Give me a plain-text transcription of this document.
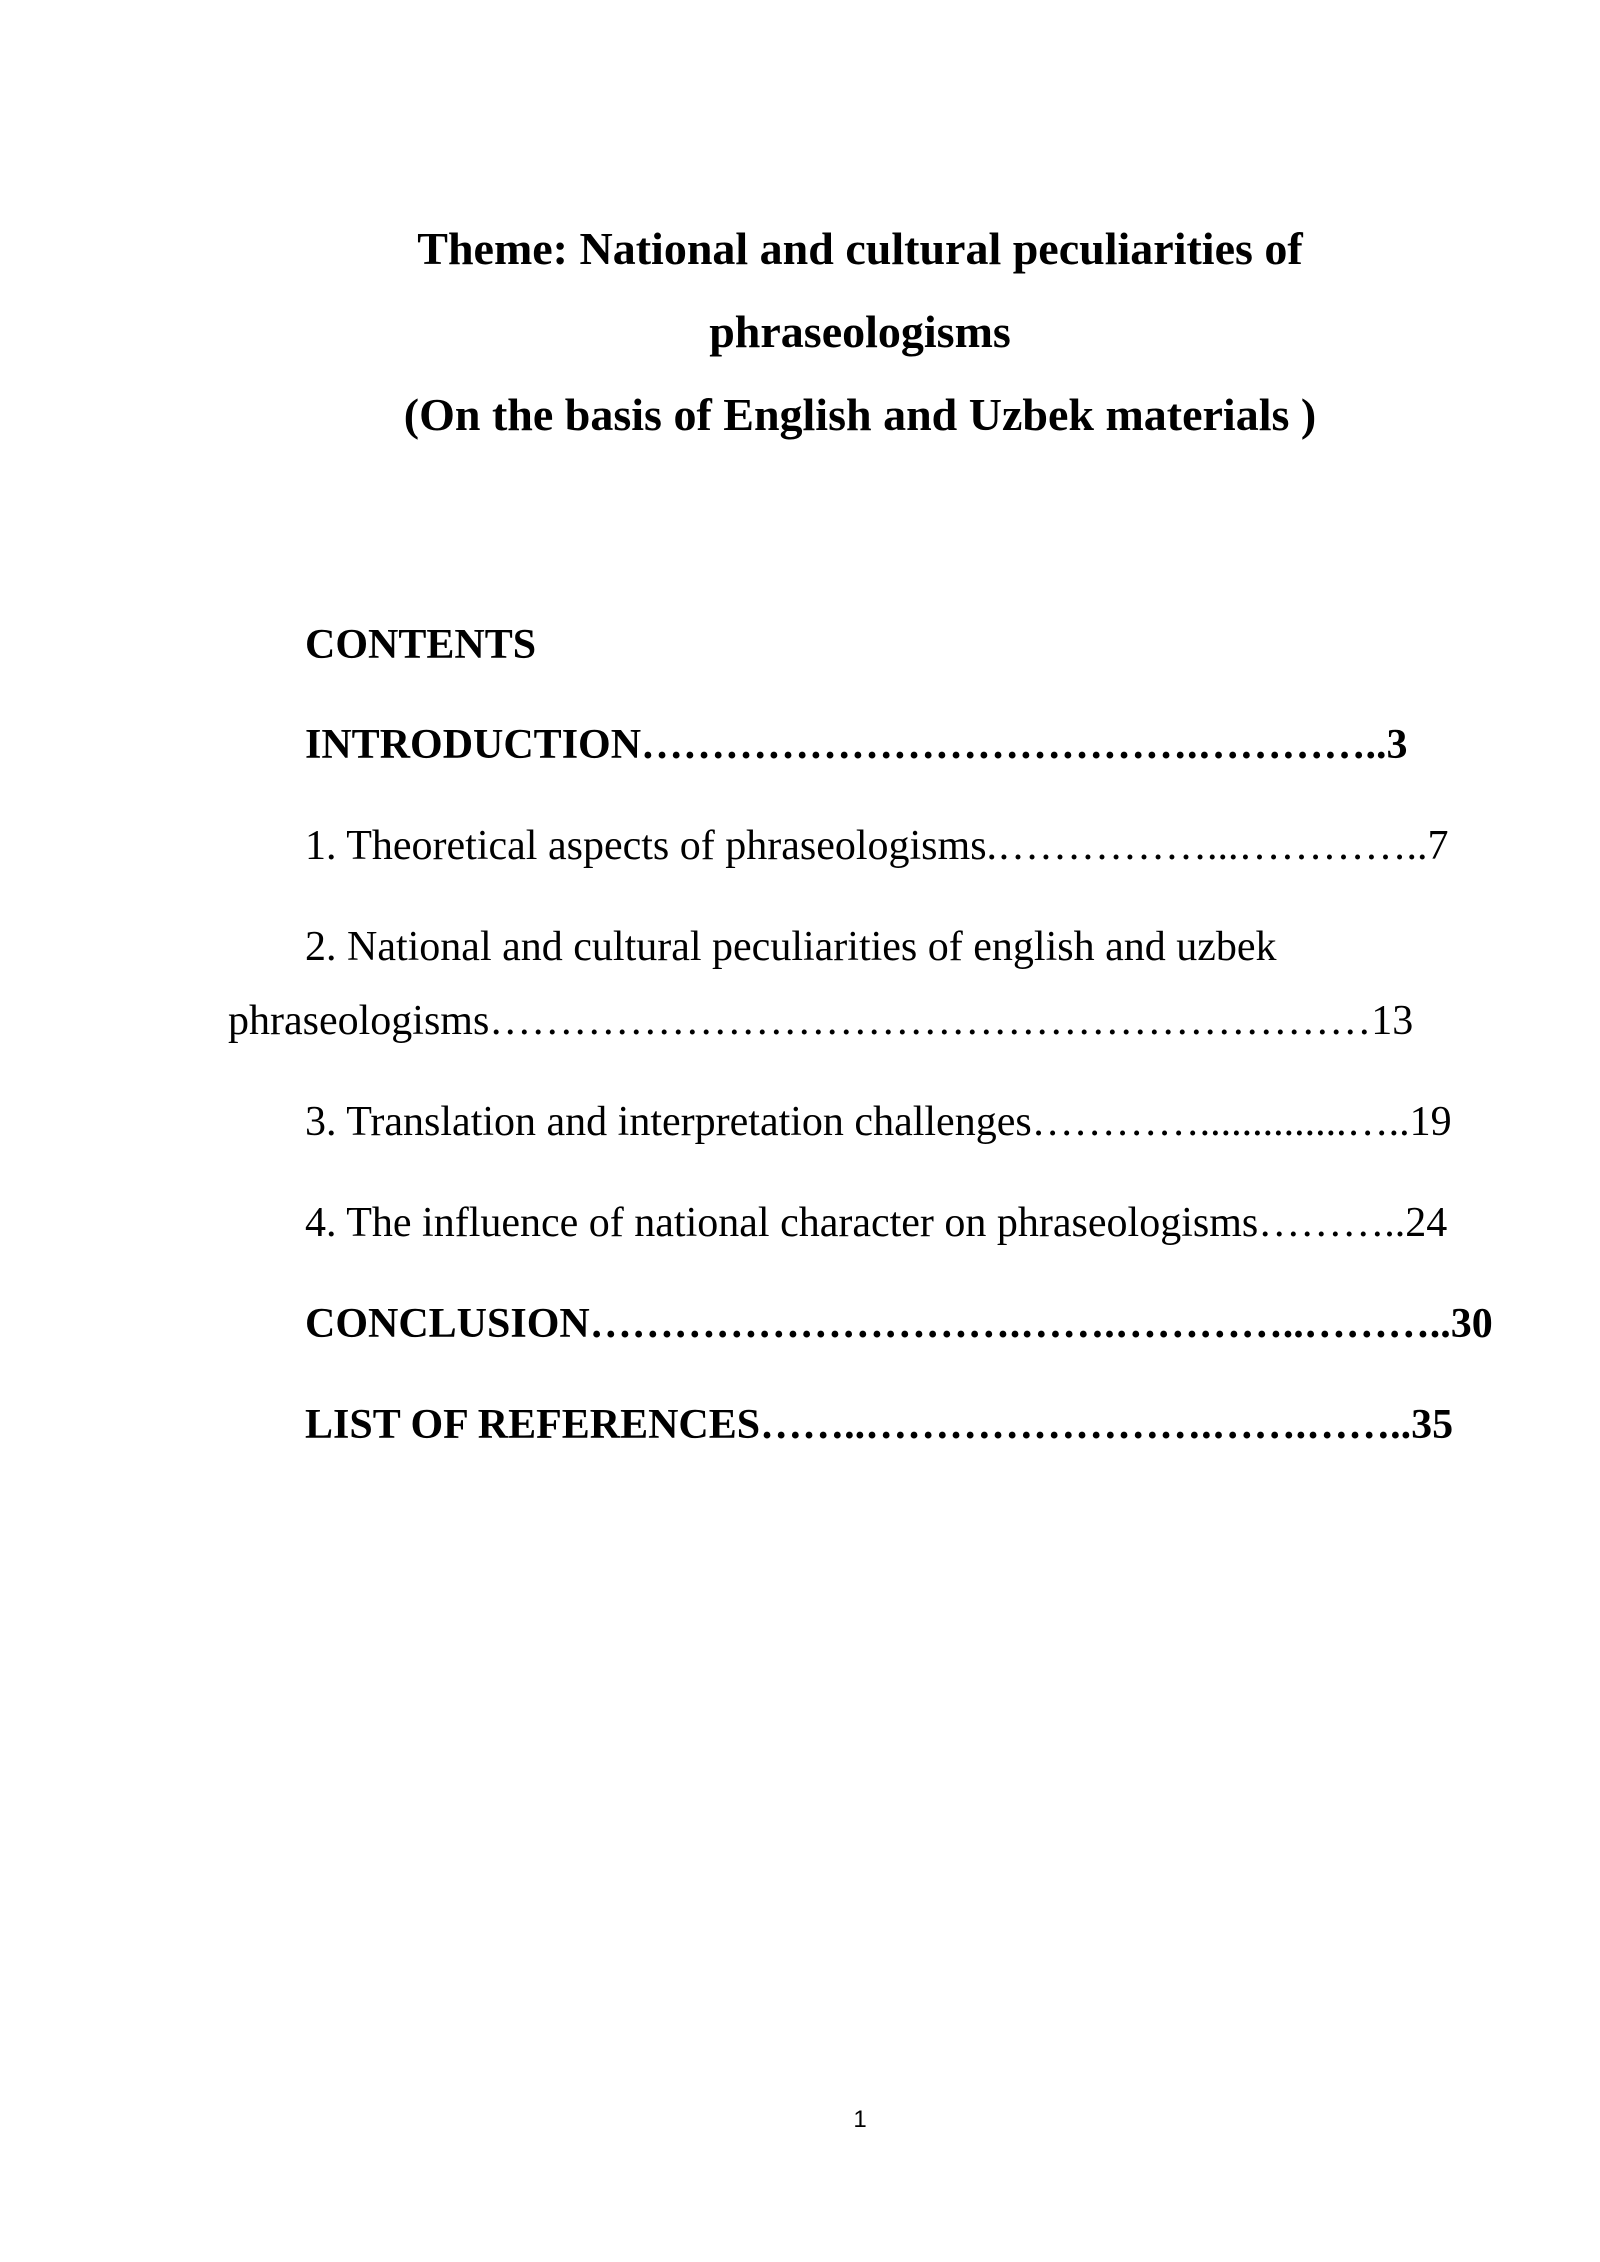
Theme: National and cultural peculiarities of
phraseologisms
(On the basis of English and Uzbek materials )
CONTENTS
INTRODUCTION………………………………….…………..3
1. Theoretical aspects of phraseologisms.……………...…………..7
2. National and cultural peculiarities of english and uzbek
phraseologisms………………………………………………………13
3. Translation and interpretation challenges…………..............…..19
4. The influence of national character on phraseologisms………..24
CONCLUSION………………………….…….…………..………..30
LIST OF REFERENCES……..…………………….…….……..35
1
